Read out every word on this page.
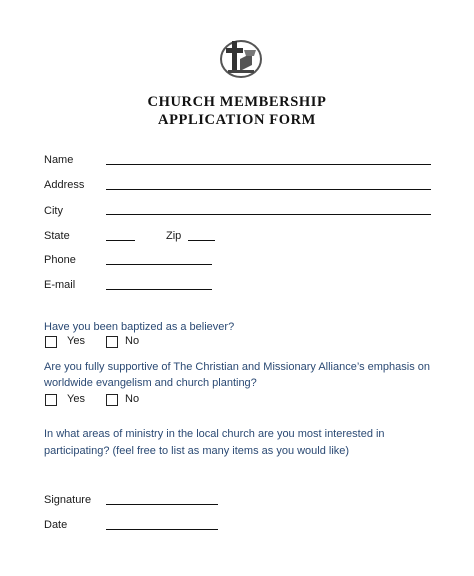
CHURCH MEMBERSHIP
APPLICATION FORM
Name
Address
City
State	Zip
Phone
E-mail
Have you been baptized as a believer?
Yes	No
Are you fully supportive of The Christian and Missionary Alliance’s emphasis on
worldwide evangelism and church planting?
Yes	No
In what areas of ministry in the local church are you most interested in
participating? (feel free to list as many items as you would like)
Signature
Date
